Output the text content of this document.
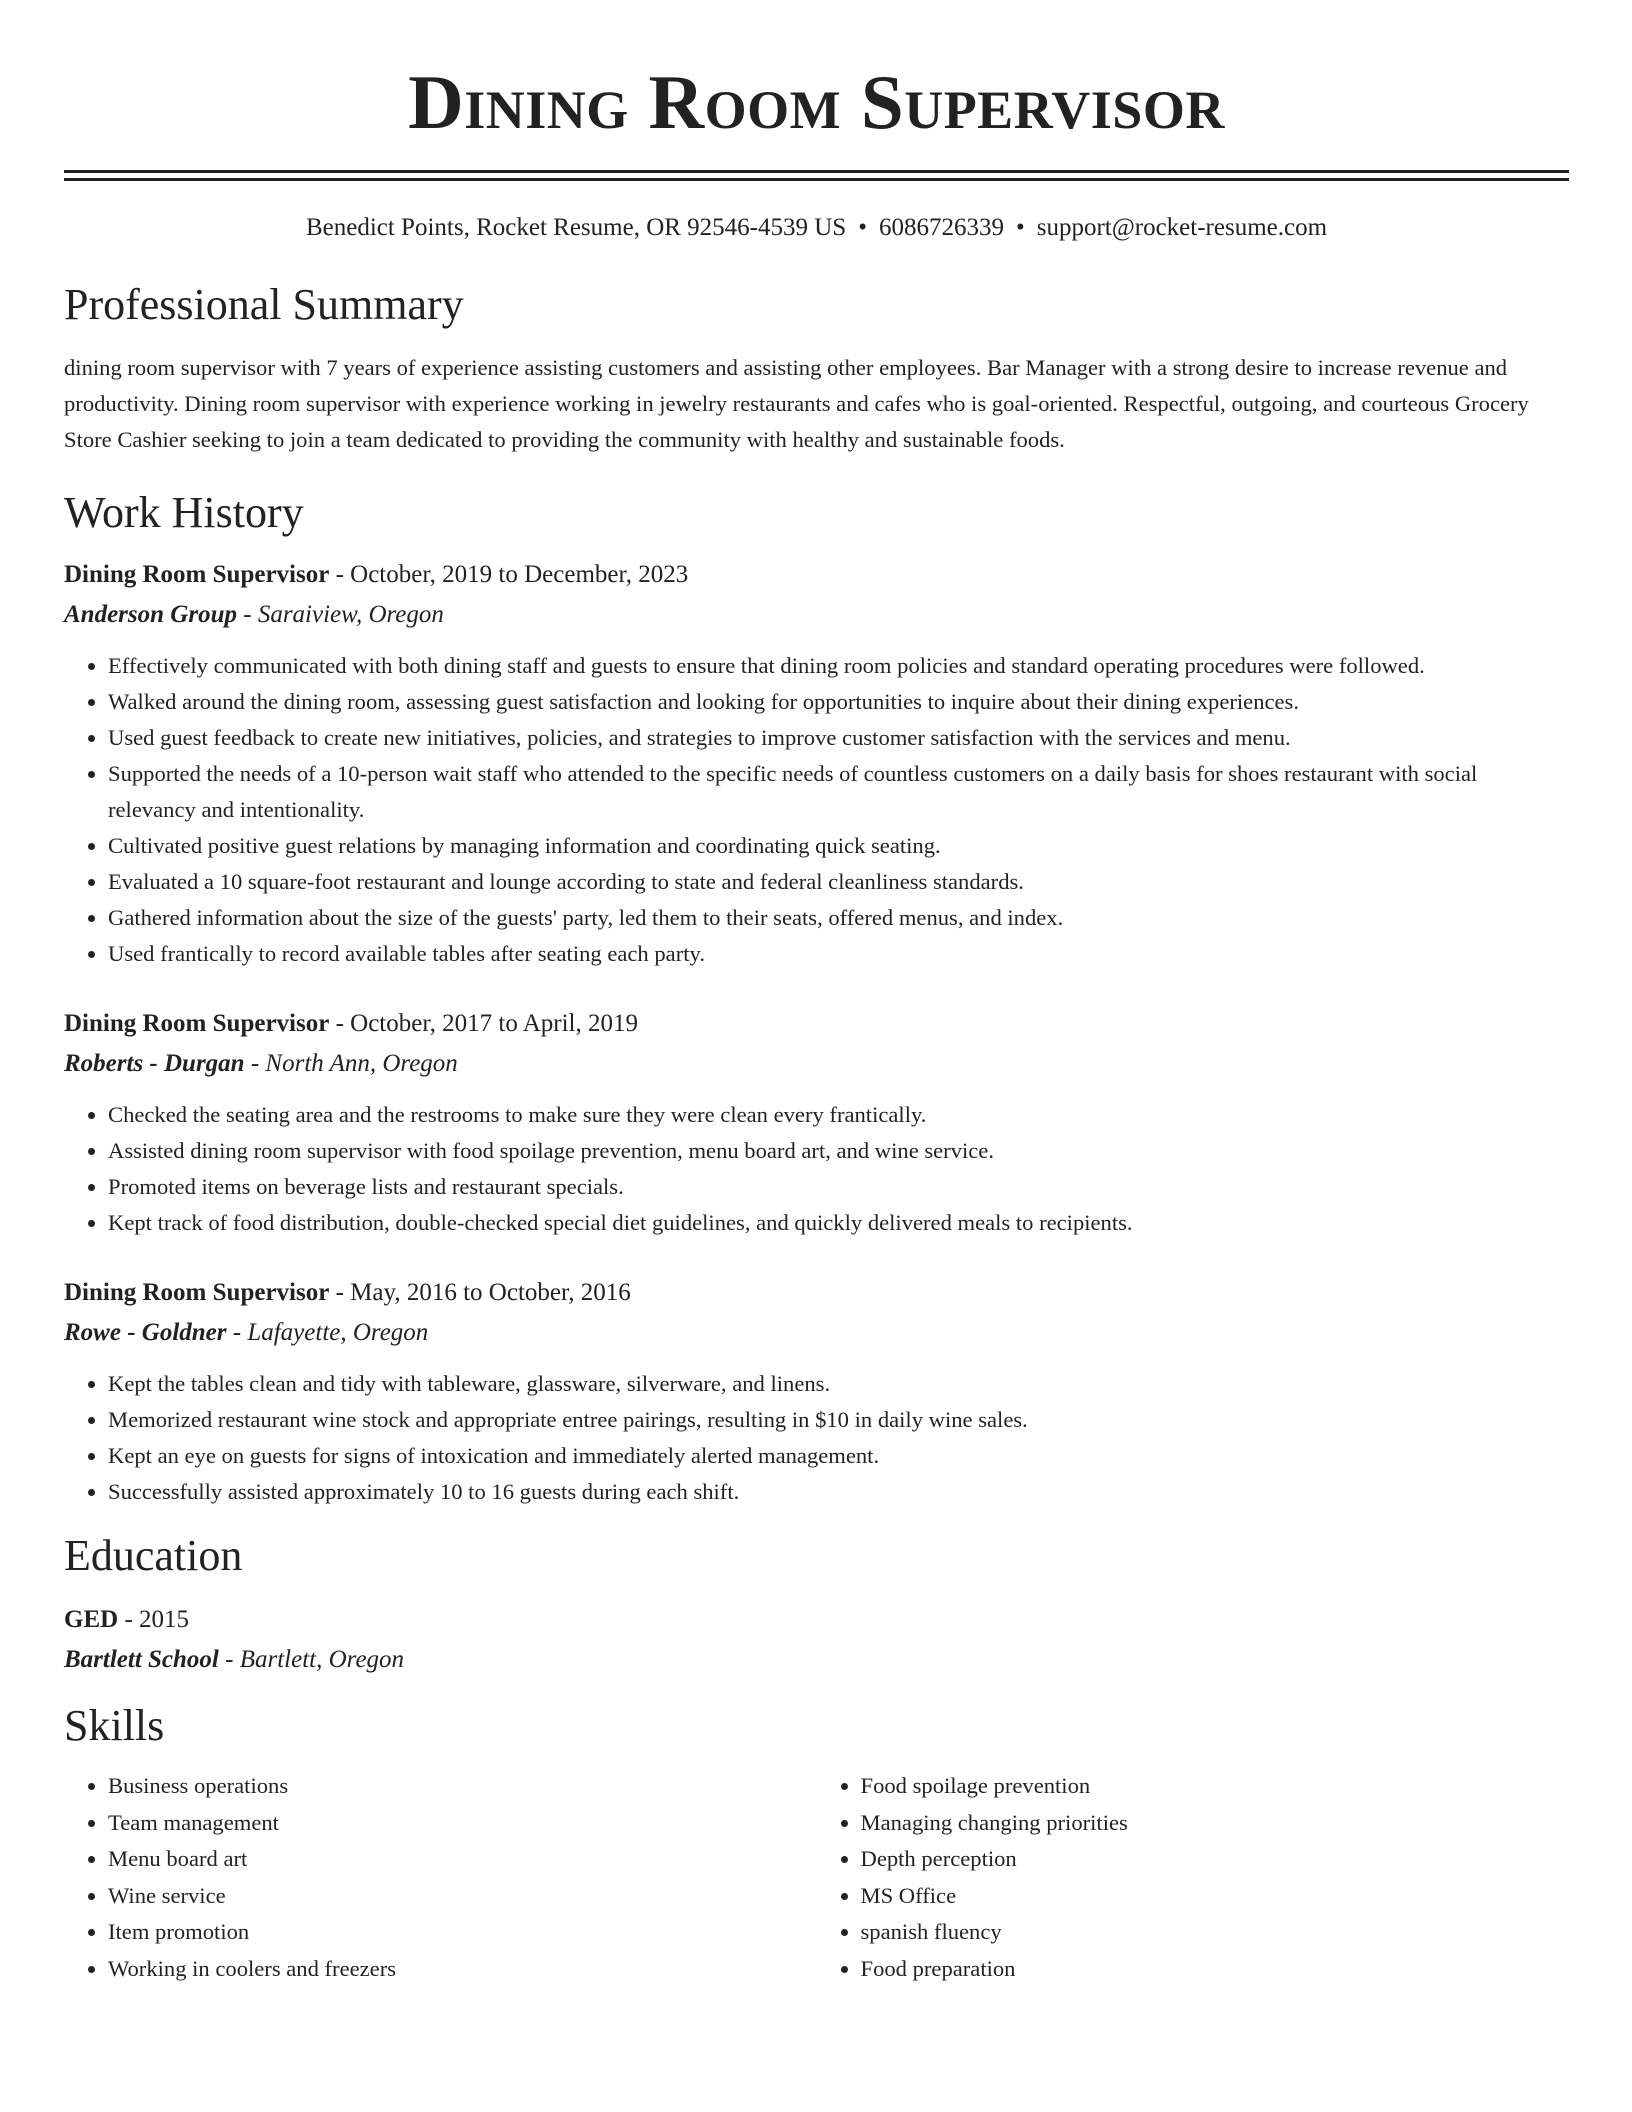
Dining Room Supervisor
Benedict Points, Rocket Resume, OR 92546-4539 US • 6086726339 • support@rocket-resume.com
Professional Summary
dining room supervisor with 7 years of experience assisting customers and assisting other employees. Bar Manager with a strong desire to increase revenue and productivity. Dining room supervisor with experience working in jewelry restaurants and cafes who is goal-oriented. Respectful, outgoing, and courteous Grocery Store Cashier seeking to join a team dedicated to providing the community with healthy and sustainable foods.
Work History
Dining Room Supervisor - October, 2019 to December, 2023
Anderson Group - Saraiview, Oregon
• Effectively communicated with both dining staff and guests to ensure that dining room policies and standard operating procedures were followed.
• Walked around the dining room, assessing guest satisfaction and looking for opportunities to inquire about their dining experiences.
• Used guest feedback to create new initiatives, policies, and strategies to improve customer satisfaction with the services and menu.
• Supported the needs of a 10-person wait staff who attended to the specific needs of countless customers on a daily basis for shoes restaurant with social relevancy and intentionality.
• Cultivated positive guest relations by managing information and coordinating quick seating.
• Evaluated a 10 square-foot restaurant and lounge according to state and federal cleanliness standards.
• Gathered information about the size of the guests' party, led them to their seats, offered menus, and index.
• Used frantically to record available tables after seating each party.
Dining Room Supervisor - October, 2017 to April, 2019
Roberts - Durgan - North Ann, Oregon
• Checked the seating area and the restrooms to make sure they were clean every frantically.
• Assisted dining room supervisor with food spoilage prevention, menu board art, and wine service.
• Promoted items on beverage lists and restaurant specials.
• Kept track of food distribution, double-checked special diet guidelines, and quickly delivered meals to recipients.
Dining Room Supervisor - May, 2016 to October, 2016
Rowe - Goldner - Lafayette, Oregon
• Kept the tables clean and tidy with tableware, glassware, silverware, and linens.
• Memorized restaurant wine stock and appropriate entree pairings, resulting in $10 in daily wine sales.
• Kept an eye on guests for signs of intoxication and immediately alerted management.
• Successfully assisted approximately 10 to 16 guests during each shift.
Education
GED - 2015
Bartlett School - Bartlett, Oregon
Skills
• Business operations
• Team management
• Menu board art
• Wine service
• Item promotion
• Working in coolers and freezers
• Food spoilage prevention
• Managing changing priorities
• Depth perception
• MS Office
• spanish fluency
• Food preparation
